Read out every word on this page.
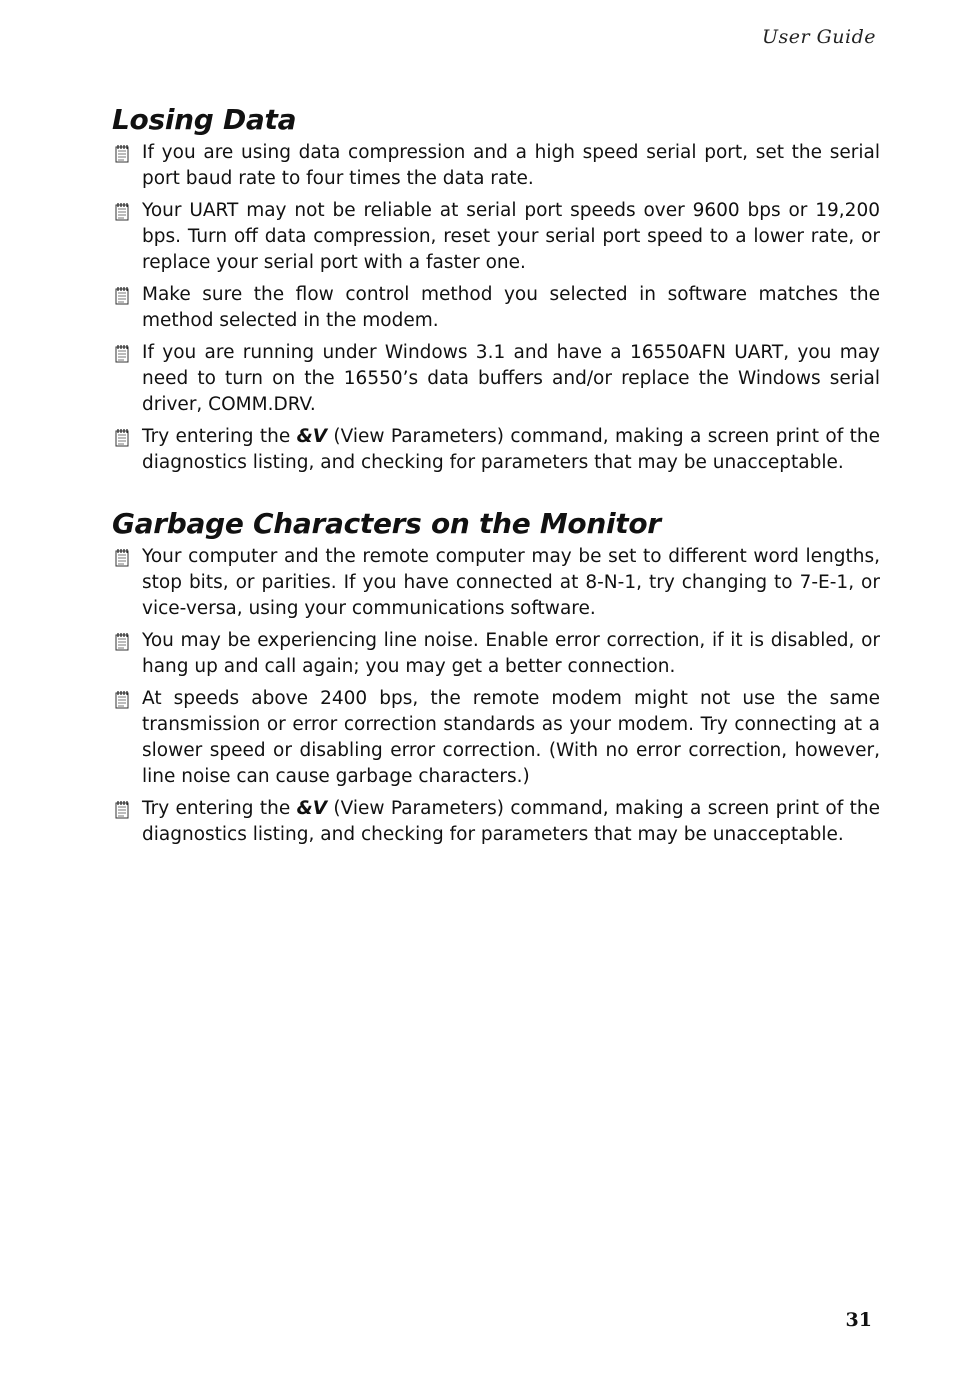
User Guide
Losing Data
If you are using data compression and a high speed serial port, set the serial port baud rate to four times the data rate.
Your UART may not be reliable at serial port speeds over 9600 bps or 19,200 bps. Turn off data compression, reset your serial port speed to a lower rate, or replace your serial port with a faster one.
Make sure the flow control method you selected in software matches the method selected in the modem.
If you are running under Windows 3.1 and have a 16550AFN UART, you may need to turn on the 16550’s data buffers and/or replace the Windows serial driver, COMM.DRV.
Try entering the &V (View Parameters) command, making a screen print of the diagnostics listing, and checking for parameters that may be unacceptable.
Garbage Characters on the Monitor
Your computer and the remote computer may be set to different word lengths, stop bits, or parities. If you have connected at 8-N-1, try changing to 7-E-1, or vice-versa, using your communications software.
You may be experiencing line noise. Enable error correction, if it is disabled, or hang up and call again; you may get a better connection.
At speeds above 2400 bps, the remote modem might not use the same transmission or error correction standards as your modem. Try connecting at a slower speed or disabling error correction. (With no error correction, however, line noise can cause garbage characters.)
Try entering the &V (View Parameters) command, making a screen print of the diagnostics listing, and checking for parameters that may be unacceptable.
31
